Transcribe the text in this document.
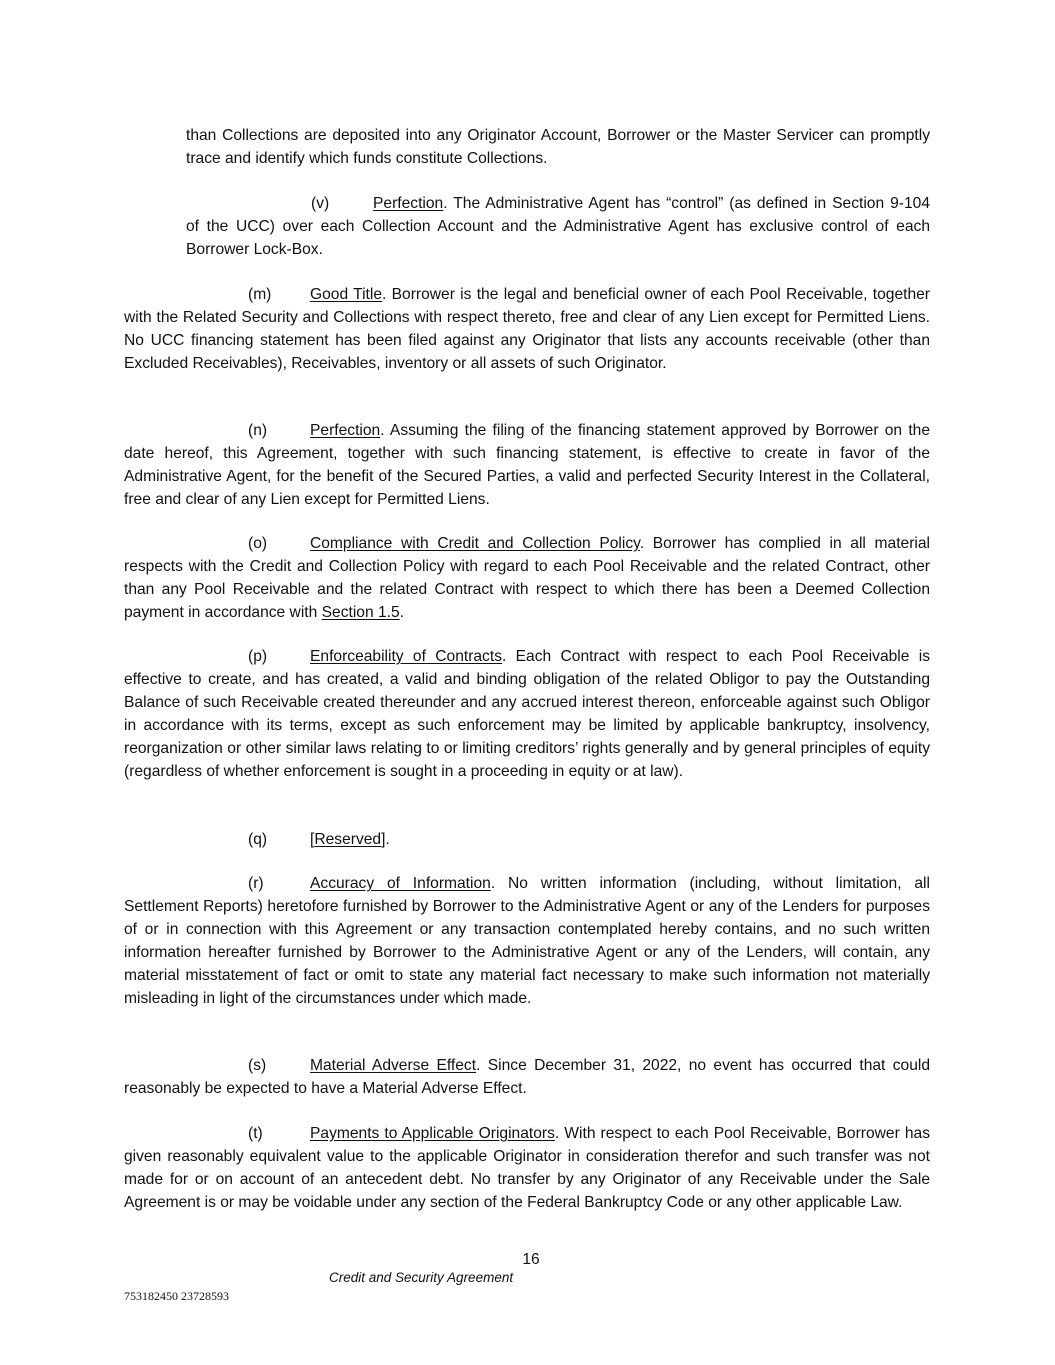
than Collections are deposited into any Originator Account, Borrower or the Master Servicer can promptly trace and identify which funds constitute Collections.

(v)	Perfection. The Administrative Agent has “control” (as defined in Section 9-104 of the UCC) over each Collection Account and the Administrative Agent has exclusive control of each Borrower Lock-Box.

(m) Good Title. Borrower is the legal and beneficial owner of each Pool Receivable, together with the Related Security and Collections with respect thereto, free and clear of any Lien except for Permitted Liens. No UCC financing statement has been filed against any Originator that lists any accounts receivable (other than Excluded Receivables), Receivables, inventory or all assets of such Originator.

(n)	Perfection. Assuming the filing of the financing statement approved by Borrower on the date hereof, this Agreement, together with such financing statement, is effective to create in favor of the Administrative Agent, for the benefit of the Secured Parties, a valid and perfected Security Interest in the Collateral, free and clear of any Lien except for Permitted Liens.

(o)	Compliance with Credit and Collection Policy. Borrower has complied in all material respects with the Credit and Collection Policy with regard to each Pool Receivable and the related Contract, other than any Pool Receivable and the related Contract with respect to which there has been a Deemed Collection payment in accordance with Section 1.5.

(p)	Enforceability of Contracts. Each Contract with respect to each Pool Receivable is effective to create, and has created, a valid and binding obligation of the related Obligor to pay the Outstanding Balance of such Receivable created thereunder and any accrued interest thereon, enforceable against such Obligor in accordance with its terms, except as such enforcement may be limited by applicable bankruptcy, insolvency, reorganization or other similar laws relating to or limiting creditors’ rights generally and by general principles of equity (regardless of whether enforcement is sought in a proceeding in equity or at law).

(q)	[Reserved].

(r)	Accuracy of Information. No written information (including, without limitation, all Settlement Reports) heretofore furnished by Borrower to the Administrative Agent or any of the Lenders for purposes of or in connection with this Agreement or any transaction contemplated hereby contains, and no such written information hereafter furnished by Borrower to the Administrative Agent or any of the Lenders, will contain, any material misstatement of fact or omit to state any material fact necessary to make such information not materially misleading in light of the circumstances under which made.

(s)	Material Adverse Effect. Since December 31, 2022, no event has occurred that could reasonably be expected to have a Material Adverse Effect.

(t)	Payments to Applicable Originators. With respect to each Pool Receivable, Borrower has given reasonably equivalent value to the applicable Originator in consideration therefor and such transfer was not made for or on account of an antecedent debt. No transfer by any Originator of any Receivable under the Sale Agreement is or may be voidable under any section of the Federal Bankruptcy Code or any other applicable Law.

16
Credit and Security Agreement
753182450 23728593
